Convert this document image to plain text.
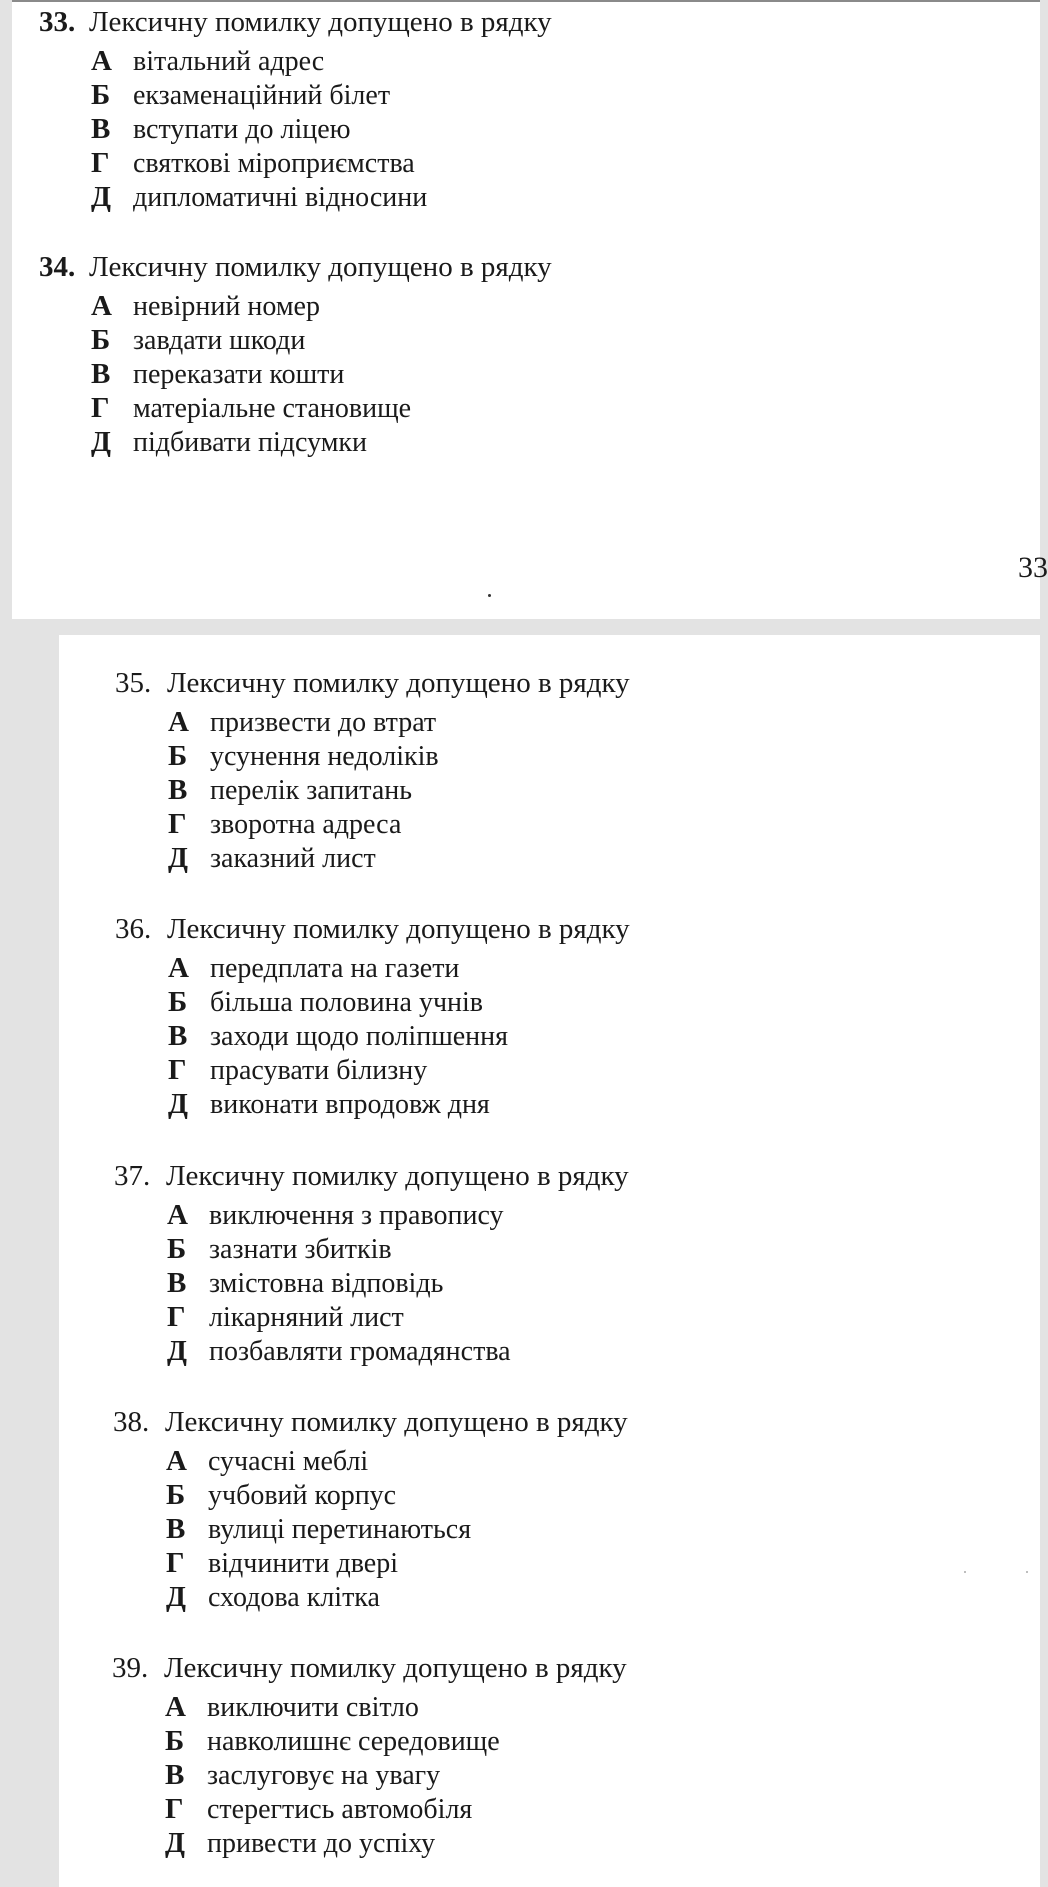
33. Лексичну помилку допущено в рядку
А вітальний адрес
Б екзаменаційний білет
В вступати до ліцею
Г святкові міроприємства
Д дипломатичні відносини
34. Лексичну помилку допущено в рядку
А невірний номер
Б завдати шкоди
В переказати кошти
Г матеріальне становище
Д підбивати підсумки
33
35. Лексичну помилку допущено в рядку
А призвести до втрат
Б усунення недоліків
В перелік запитань
Г зворотна адреса
Д заказний лист
36. Лексичну помилку допущено в рядку
А передплата на газети
Б більша половина учнів
В заходи щодо поліпшення
Г прасувати білизну
Д виконати впродовж дня
37. Лексичну помилку допущено в рядку
А виключення з правопису
Б зазнати збитків
В змістовна відповідь
Г лікарняний лист
Д позбавляти громадянства
38. Лексичну помилку допущено в рядку
А сучасні меблі
Б учбовий корпус
В вулиці перетинаються
Г відчинити двері
Д сходова клітка
39. Лексичну помилку допущено в рядку
А виключити світло
Б навколишнє середовище
В заслуговує на увагу
Г стерегтись автомобіля
Д привести до успіху
